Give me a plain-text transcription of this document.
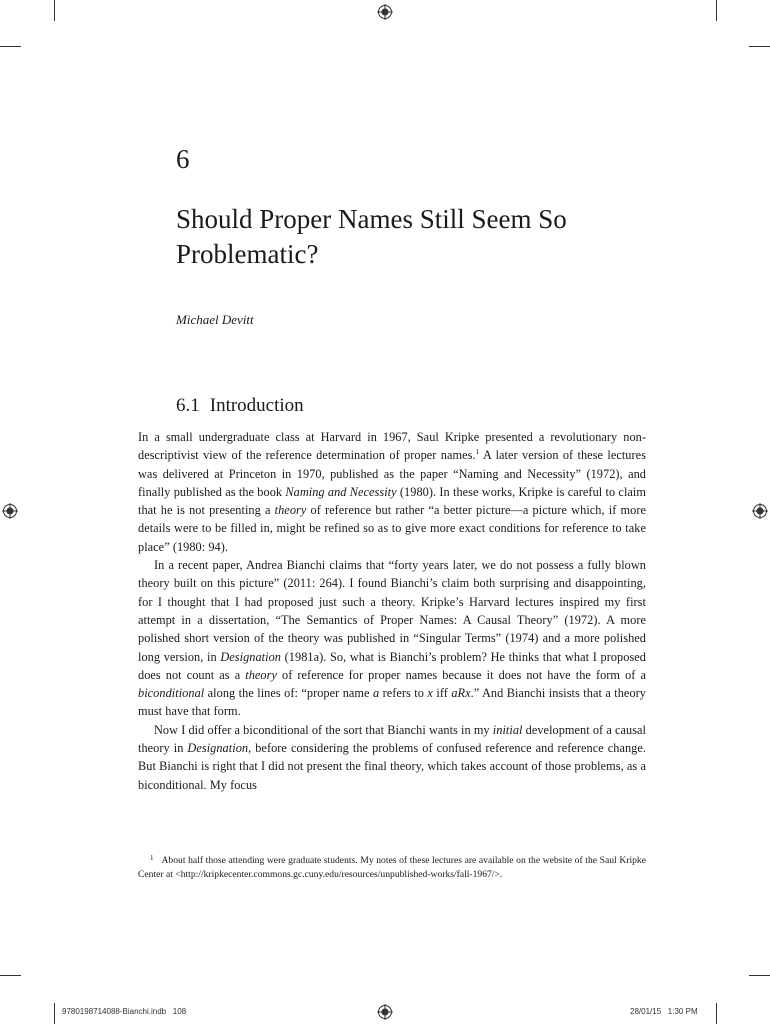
6
Should Proper Names Still Seem So Problematic?
Michael Devitt
6.1 Introduction

In a small undergraduate class at Harvard in 1967, Saul Kripke presented a revolutionary non-descriptivist view of the reference determination of proper names.$^1$ A later version of these lectures was delivered at Princeton in 1970, published as the paper “Naming and Necessity” (1972), and finally published as the book Naming and Necessity (1980). In these works, Kripke is careful to claim that he is not presenting a theory of reference but rather “a better picture—a picture which, if more details were to be filled in, might be refined so as to give more exact conditions for reference to take place” (1980: 94).

In a recent paper, Andrea Bianchi claims that “forty years later, we do not possess a fully blown theory built on this picture” (2011: 264). I found Bianchi’s claim both surprising and disappointing, for I thought that I had proposed just such a theory. Kripke’s Harvard lectures inspired my first attempt in a dissertation, “The Semantics of Proper Names: A Causal Theory” (1972). A more polished short version of the theory was published in “Singular Terms” (1974) and a more polished long version, in Designation (1981a). So, what is Bianchi’s problem? He thinks that what I proposed does not count as a theory of reference for proper names because it does not have the form of a biconditional along the lines of: “proper name a refers to x iff aRx.” And Bianchi insists that a theory must have that form.

Now I did offer a biconditional of the sort that Bianchi wants in my initial development of a causal theory in Designation, before considering the problems of confused reference and reference change. But Bianchi is right that I did not present the final theory, which takes account of those problems, as a biconditional. My focus

$^1$ About half those attending were graduate students. My notes of these lectures are available on the website of the Saul Kripke Center at <http://kripkecenter.commons.gc.cuny.edu/resources/unpublished-works/fall-1967/>.
9780198714088-Bianchi.indb   108	28/01/15   1:30 PM
